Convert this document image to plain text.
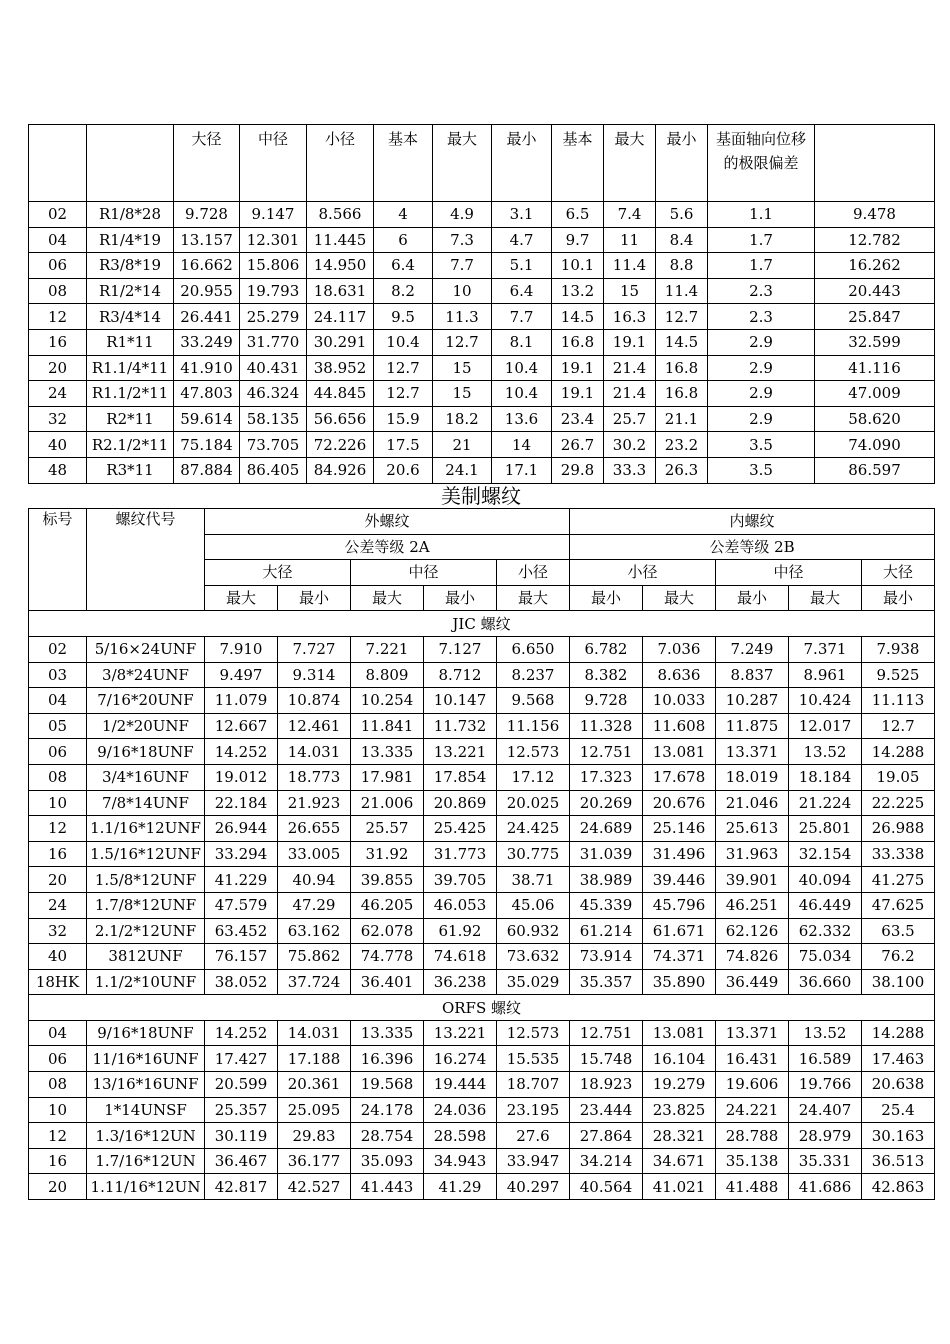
		大径	中径	小径	基本	最大	最小	基本	最大	最小	基面轴向位移的极限偏差	
02	R1/8*28	9.728	9.147	8.566	4	4.9	3.1	6.5	7.4	5.6	1.1	9.478
04	R1/4*19	13.157	12.301	11.445	6	7.3	4.7	9.7	11	8.4	1.7	12.782
06	R3/8*19	16.662	15.806	14.950	6.4	7.7	5.1	10.1	11.4	8.8	1.7	16.262
08	R1/2*14	20.955	19.793	18.631	8.2	10	6.4	13.2	15	11.4	2.3	20.443
12	R3/4*14	26.441	25.279	24.117	9.5	11.3	7.7	14.5	16.3	12.7	2.3	25.847
16	R1*11	33.249	31.770	30.291	10.4	12.7	8.1	16.8	19.1	14.5	2.9	32.599
20	R1.1/4*11	41.910	40.431	38.952	12.7	15	10.4	19.1	21.4	16.8	2.9	41.116
24	R1.1/2*11	47.803	46.324	44.845	12.7	15	10.4	19.1	21.4	16.8	2.9	47.009
32	R2*11	59.614	58.135	56.656	15.9	18.2	13.6	23.4	25.7	21.1	2.9	58.620
40	R2.1/2*11	75.184	73.705	72.226	17.5	21	14	26.7	30.2	23.2	3.5	74.090
48	R3*11	87.884	86.405	84.926	20.6	24.1	17.1	29.8	33.3	26.3	3.5	86.597
美制螺纹
标号	螺纹代号	外螺纹					内螺纹				
		公差等级 2A					公差等级 2B				
		大径		中径		小径	小径		中径		大径
		最大	最小	最大	最小	最大	最小	最大	最小	最大	最小
JIC 螺纹											
02	5/16×24UNF	7.910	7.727	7.221	7.127	6.650	6.782	7.036	7.249	7.371	7.938
03	3/8*24UNF	9.497	9.314	8.809	8.712	8.237	8.382	8.636	8.837	8.961	9.525
04	7/16*20UNF	11.079	10.874	10.254	10.147	9.568	9.728	10.033	10.287	10.424	11.113
05	1/2*20UNF	12.667	12.461	11.841	11.732	11.156	11.328	11.608	11.875	12.017	12.7
06	9/16*18UNF	14.252	14.031	13.335	13.221	12.573	12.751	13.081	13.371	13.52	14.288
08	3/4*16UNF	19.012	18.773	17.981	17.854	17.12	17.323	17.678	18.019	18.184	19.05
10	7/8*14UNF	22.184	21.923	21.006	20.869	20.025	20.269	20.676	21.046	21.224	22.225
12	1.1/16*12UNF	26.944	26.655	25.57	25.425	24.425	24.689	25.146	25.613	25.801	26.988
16	1.5/16*12UNF	33.294	33.005	31.92	31.773	30.775	31.039	31.496	31.963	32.154	33.338
20	1.5/8*12UNF	41.229	40.94	39.855	39.705	38.71	38.989	39.446	39.901	40.094	41.275
24	1.7/8*12UNF	47.579	47.29	46.205	46.053	45.06	45.339	45.796	46.251	46.449	47.625
32	2.1/2*12UNF	63.452	63.162	62.078	61.92	60.932	61.214	61.671	62.126	62.332	63.5
40	3812UNF	76.157	75.862	74.778	74.618	73.632	73.914	74.371	74.826	75.034	76.2
18HK	1.1/2*10UNF	38.052	37.724	36.401	36.238	35.029	35.357	35.890	36.449	36.660	38.100
ORFS 螺纹											
04	9/16*18UNF	14.252	14.031	13.335	13.221	12.573	12.751	13.081	13.371	13.52	14.288
06	11/16*16UNF	17.427	17.188	16.396	16.274	15.535	15.748	16.104	16.431	16.589	17.463
08	13/16*16UNF	20.599	20.361	19.568	19.444	18.707	18.923	19.279	19.606	19.766	20.638
10	1*14UNSF	25.357	25.095	24.178	24.036	23.195	23.444	23.825	24.221	24.407	25.4
12	1.3/16*12UN	30.119	29.83	28.754	28.598	27.6	27.864	28.321	28.788	28.979	30.163
16	1.7/16*12UN	36.467	36.177	35.093	34.943	33.947	34.214	34.671	35.138	35.331	36.513
20	1.11/16*12UN	42.817	42.527	41.443	41.29	40.297	40.564	41.021	41.488	41.686	42.863
